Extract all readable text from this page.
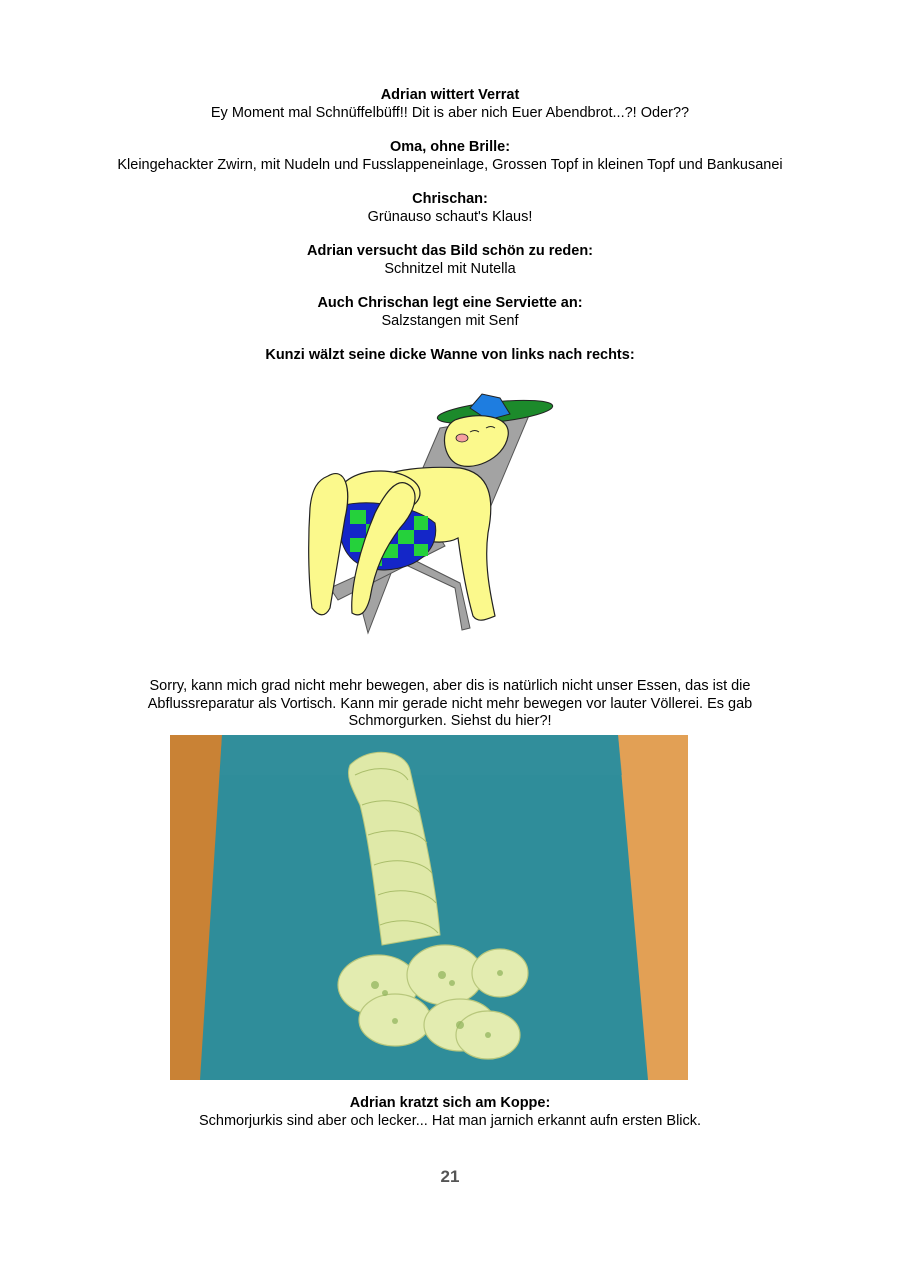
Adrian wittert Verrat
Ey Moment mal Schnüffelbüff!! Dit is aber nich Euer Abendbrot...?! Oder??
Oma, ohne Brille:
Kleingehackter Zwirn, mit Nudeln und Fusslappeneinlage, Grossen Topf in kleinen Topf und Bankusanei
Chrischan:
Grünauso schaut's Klaus!
Adrian versucht das Bild schön zu reden:
Schnitzel mit Nutella
Auch Chrischan legt eine Serviette an:
Salzstangen mit Senf
Kunzi wälzt seine dicke Wanne von links nach rechts:
Sorry, kann mich grad nicht mehr bewegen, aber dis is natürlich nicht unser Essen, das ist die
Abflussreparatur als Vortisch. Kann mir gerade nicht mehr bewegen vor lauter Völlerei. Es gab
Schmorgurken. Siehst du hier?!
Adrian kratzt sich am Koppe:
Schmorjurkis sind aber och lecker... Hat man jarnich erkannt aufn ersten Blick.
21
